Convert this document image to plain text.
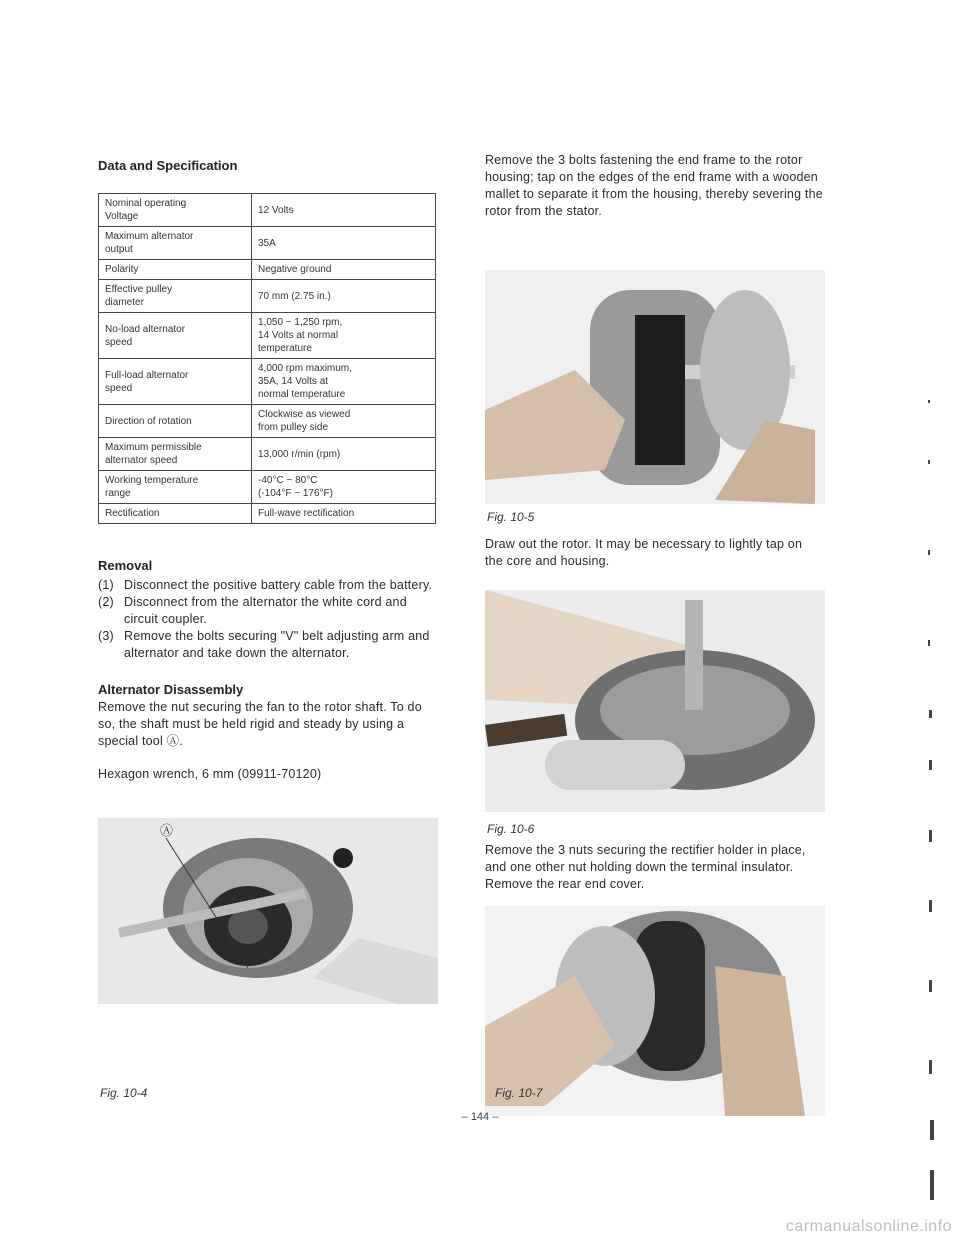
Data and Specification
Nominal operating
Voltage	12 Volts
Maximum alternator
output	35A
Polarity	Negative ground
Effective pulley
diameter	70 mm (2.75 in.)
No-load alternator
speed	1,050 ~ 1,250 rpm,
14 Volts at normal
temperature
Full-load alternator
speed	4,000 rpm maximum,
35A, 14 Volts at
normal temperature
Direction of rotation	Clockwise as viewed
from pulley side
Maximum permissible
alternator speed	13,000 r/min (rpm)
Working temperature
range	-40°C ~ 80°C
(-104°F ~ 176°F)
Rectification	Full-wave rectification
Removal
(1) Disconnect the positive battery cable from the battery.
(2) Disconnect from the alternator the white cord and circuit coupler.
(3) Remove the bolts securing "V" belt adjusting arm and alternator and take down the alternator.
Alternator Disassembly

Remove the nut securing the fan to the rotor shaft. To do so, the shaft must be held rigid and steady by using a special tool Ⓐ.

Hexagon wrench, 6 mm (09911-70120)

Ⓐ
Fig. 10-4

Remove the 3 bolts fastening the end frame to the rotor housing; tap on the edges of the end frame with a wooden mallet to separate it from the housing, thereby severing the rotor from the stator.

Fig. 10-5

Draw out the rotor. It may be necessary to lightly tap on the core and housing.

Fig. 10-6

Remove the 3 nuts securing the rectifier holder in place, and one other nut holding down the terminal insulator. Remove the rear end cover.

Fig. 10-7
– 144 –
carmanualsonline.info
